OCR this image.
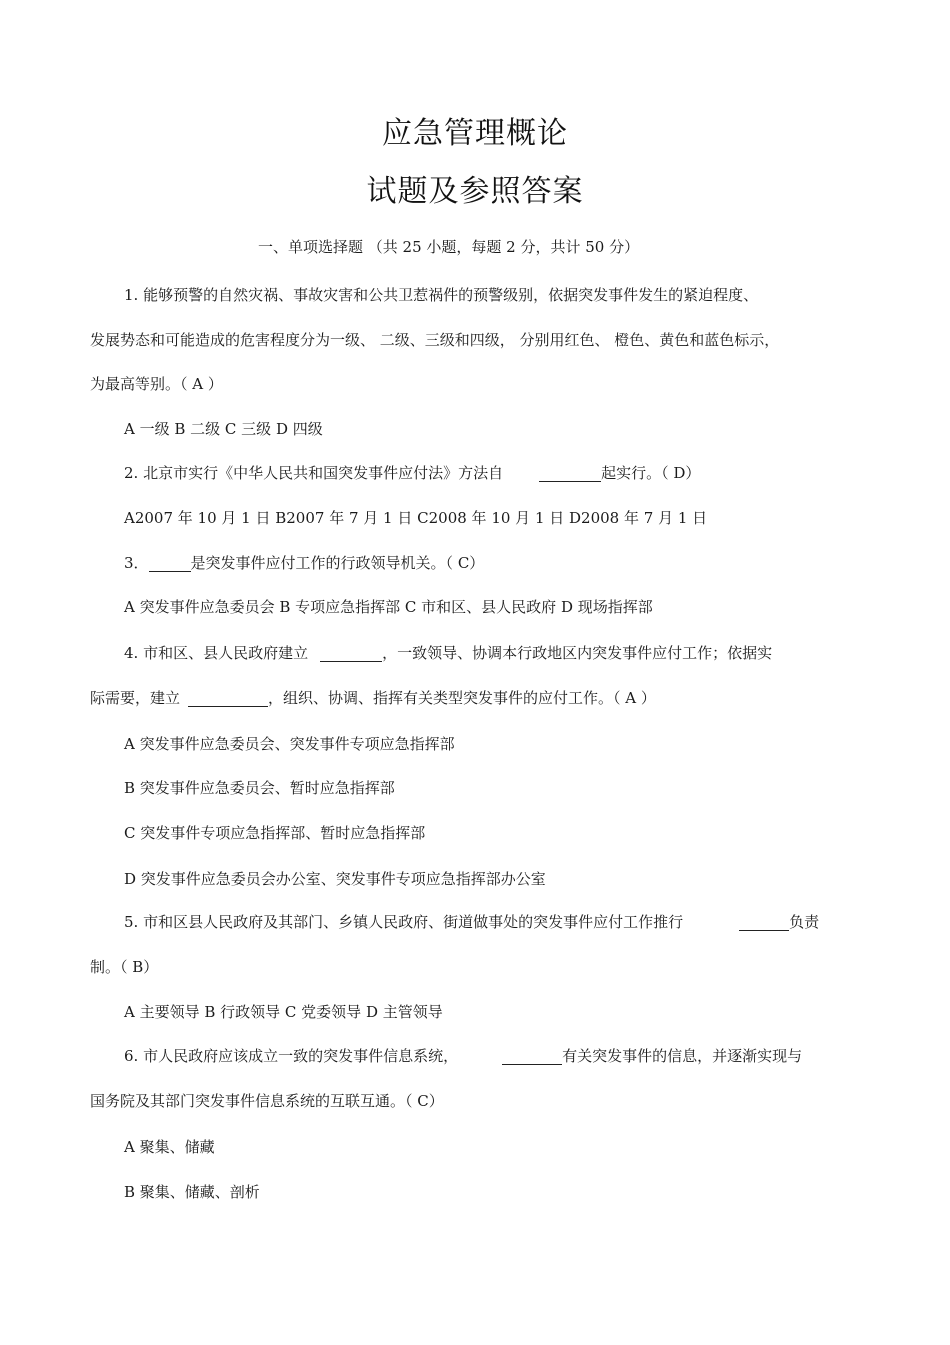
应急管理概论
试题及参照答案
一、单项选择题 （共 25 小题，每题 2 分，共计 50 分）
1. 能够预警的自然灾祸、事故灾害和公共卫惹祸件的预警级别，依据突发事件发生的紧迫程度、
发展势态和可能造成的危害程度分为一级、 二级、三级和四级， 分别用红色、 橙色、黄色和蓝色标示，
为最高等别。（ A ）
A 一级 B 二级 C 三级 D 四级
2. 北京市实行《中华人民共和国突发事件应付法》方法自	起实行。（ D）
A2007 年 10 月 1 日 B2007 年 7 月 1 日 C2008 年 10 月 1 日 D2008 年 7 月 1 日
3．	是突发事件应付工作的行政领导机关。（ C）
A 突发事件应急委员会 B 专项应急指挥部 C 市和区、县人民政府 D 现场指挥部
4. 市和区、县人民政府建立	，一致领导、协调本行政地区内突发事件应付工作；依据实
际需要，建立	，组织、协调、指挥有关类型突发事件的应付工作。（ A ）
A 突发事件应急委员会、突发事件专项应急指挥部
B 突发事件应急委员会、暂时应急指挥部
C 突发事件专项应急指挥部、暂时应急指挥部
D 突发事件应急委员会办公室、突发事件专项应急指挥部办公室
5. 市和区县人民政府及其部门、乡镇人民政府、街道做事处的突发事件应付工作推行	负责
制。（ B）
A 主要领导 B 行政领导 C 党委领导 D 主管领导
6. 市人民政府应该成立一致的突发事件信息系统，	有关突发事件的信息，并逐渐实现与
国务院及其部门突发事件信息系统的互联互通。（ C）
A 聚集、储藏
B 聚集、储藏、剖析
